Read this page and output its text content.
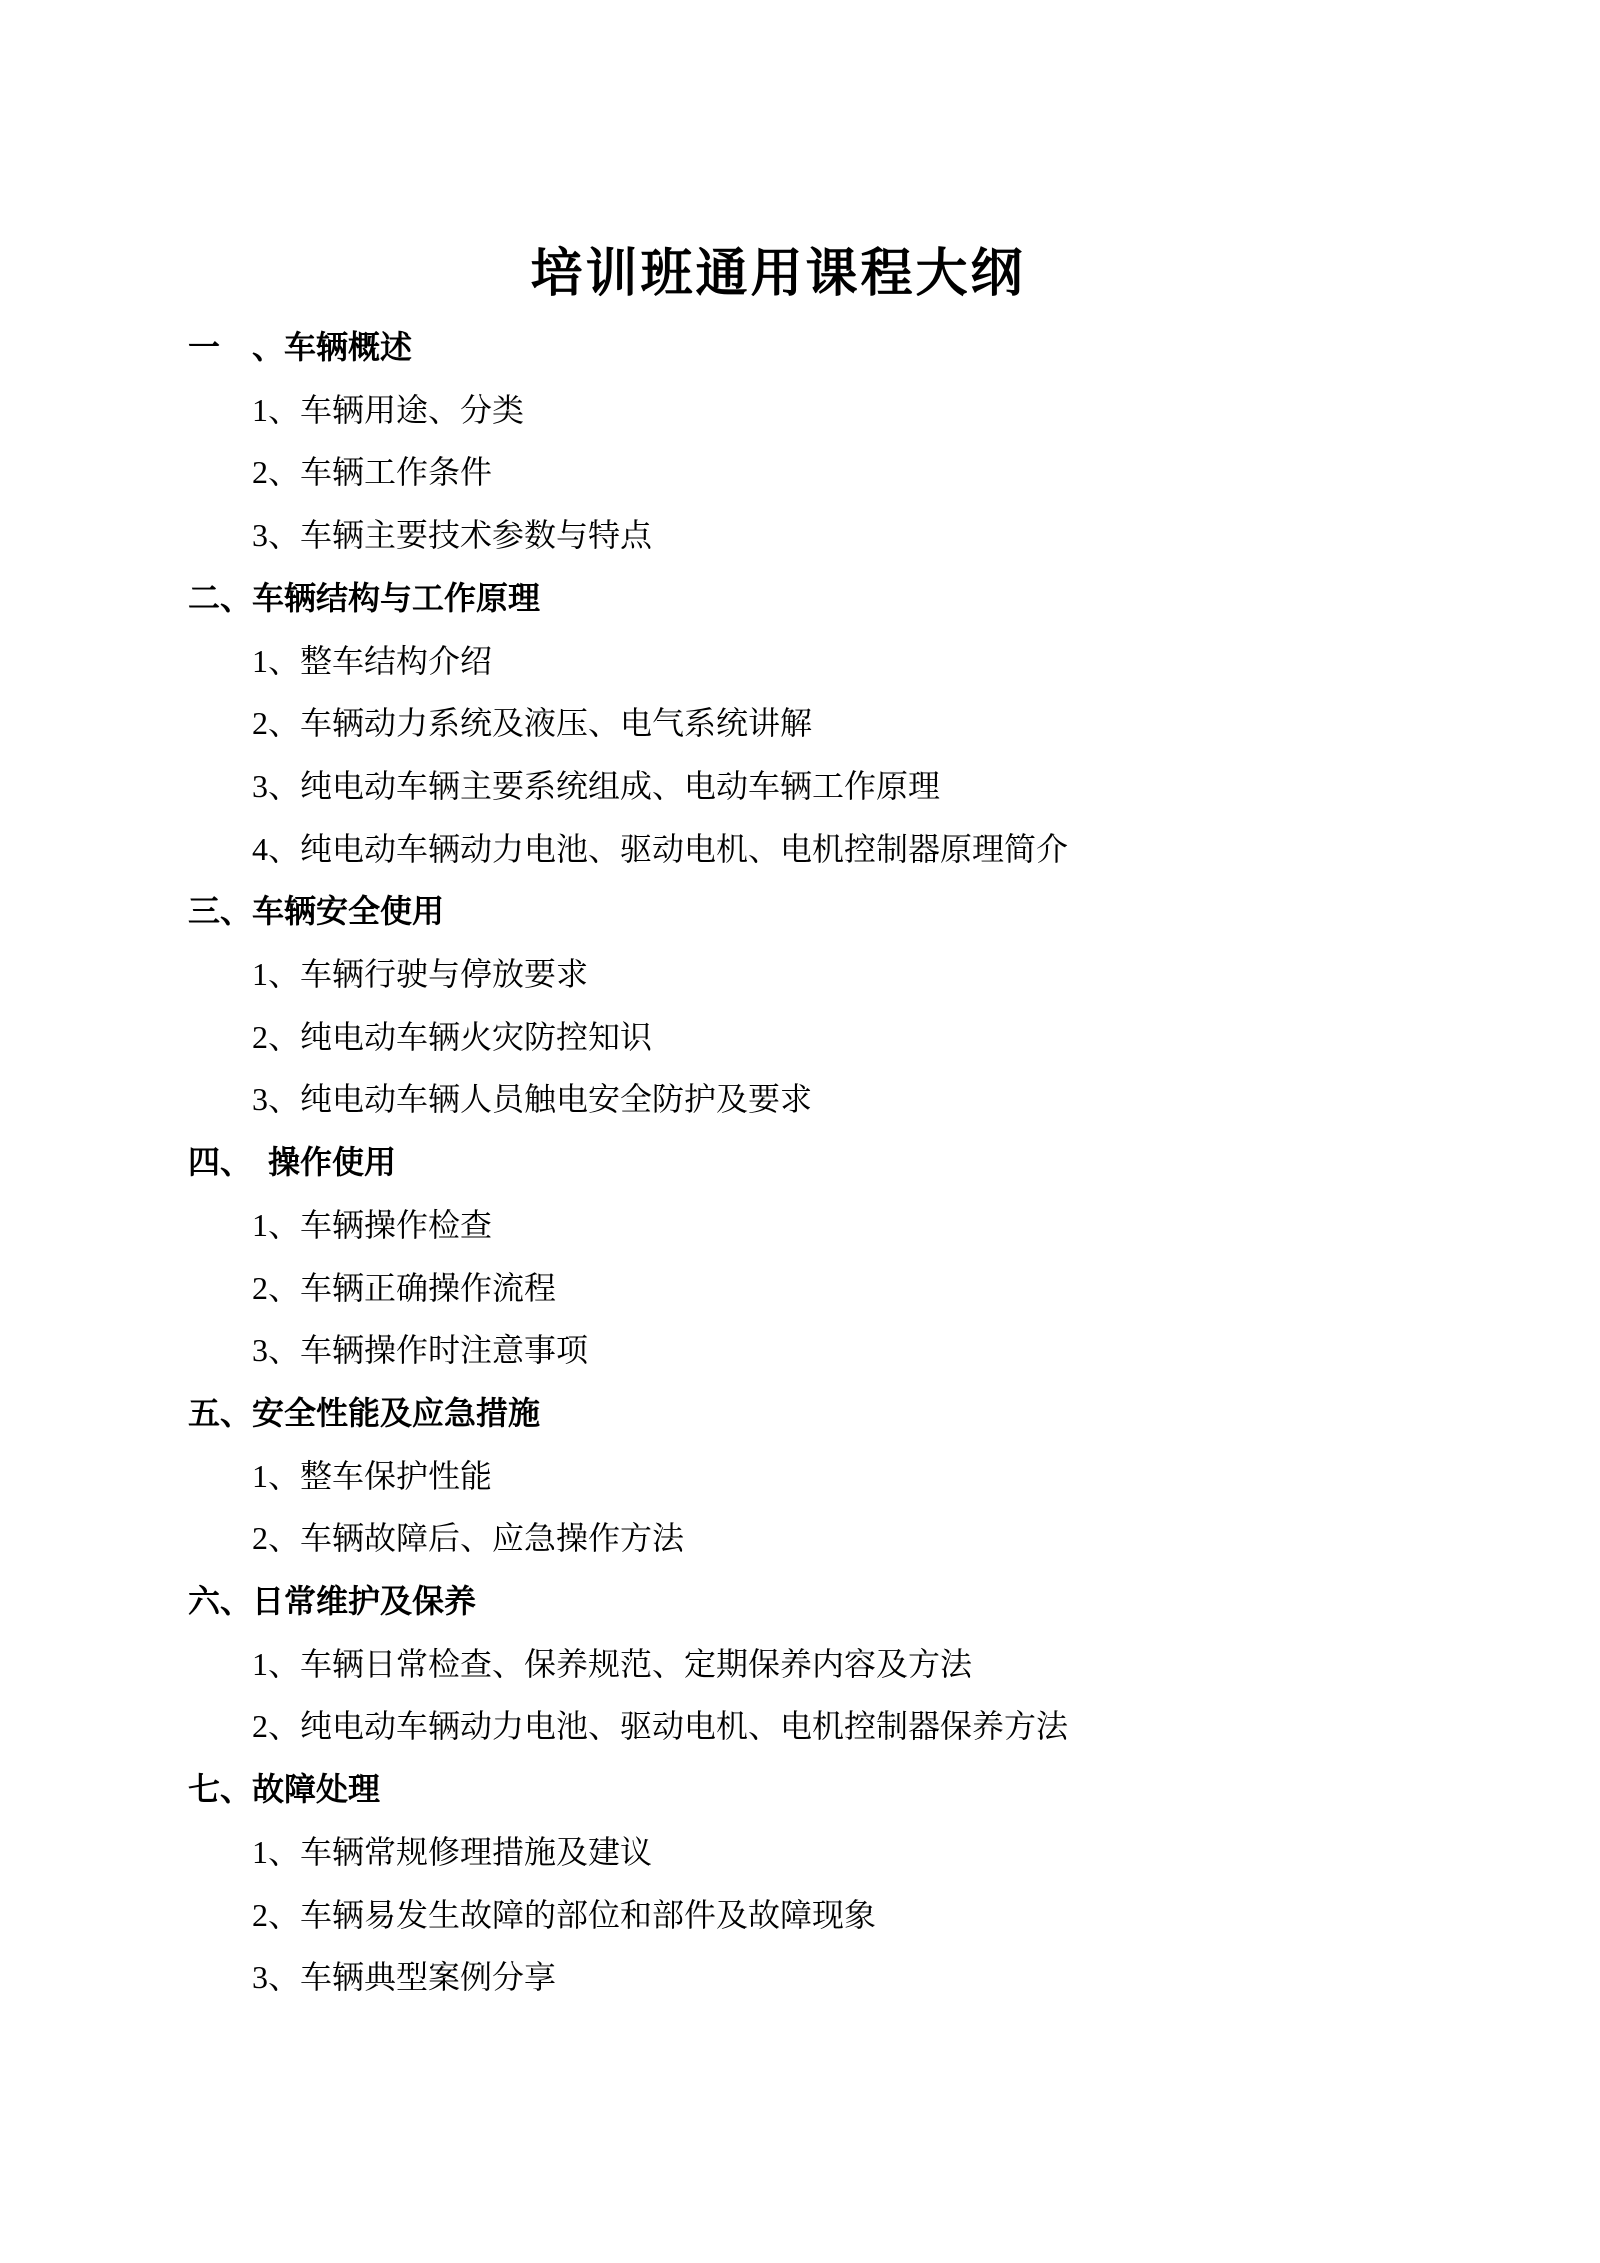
培训班通用课程大纲
一　、车辆概述
1、车辆用途、分类
2、车辆工作条件
3、车辆主要技术参数与特点
二、车辆结构与工作原理
1、整车结构介绍
2、车辆动力系统及液压、电气系统讲解
3、纯电动车辆主要系统组成、电动车辆工作原理
4、纯电动车辆动力电池、驱动电机、电机控制器原理简介
三、车辆安全使用
1、车辆行驶与停放要求
2、纯电动车辆火灾防控知识
3、纯电动车辆人员触电安全防护及要求
四、　操作使用
1、车辆操作检查
2、车辆正确操作流程
3、车辆操作时注意事项
五、安全性能及应急措施
1、整车保护性能
2、车辆故障后、应急操作方法
六、日常维护及保养
1、车辆日常检查、保养规范、定期保养内容及方法
2、纯电动车辆动力电池、驱动电机、电机控制器保养方法
七、故障处理
1、车辆常规修理措施及建议
2、车辆易发生故障的部位和部件及故障现象
3、车辆典型案例分享
